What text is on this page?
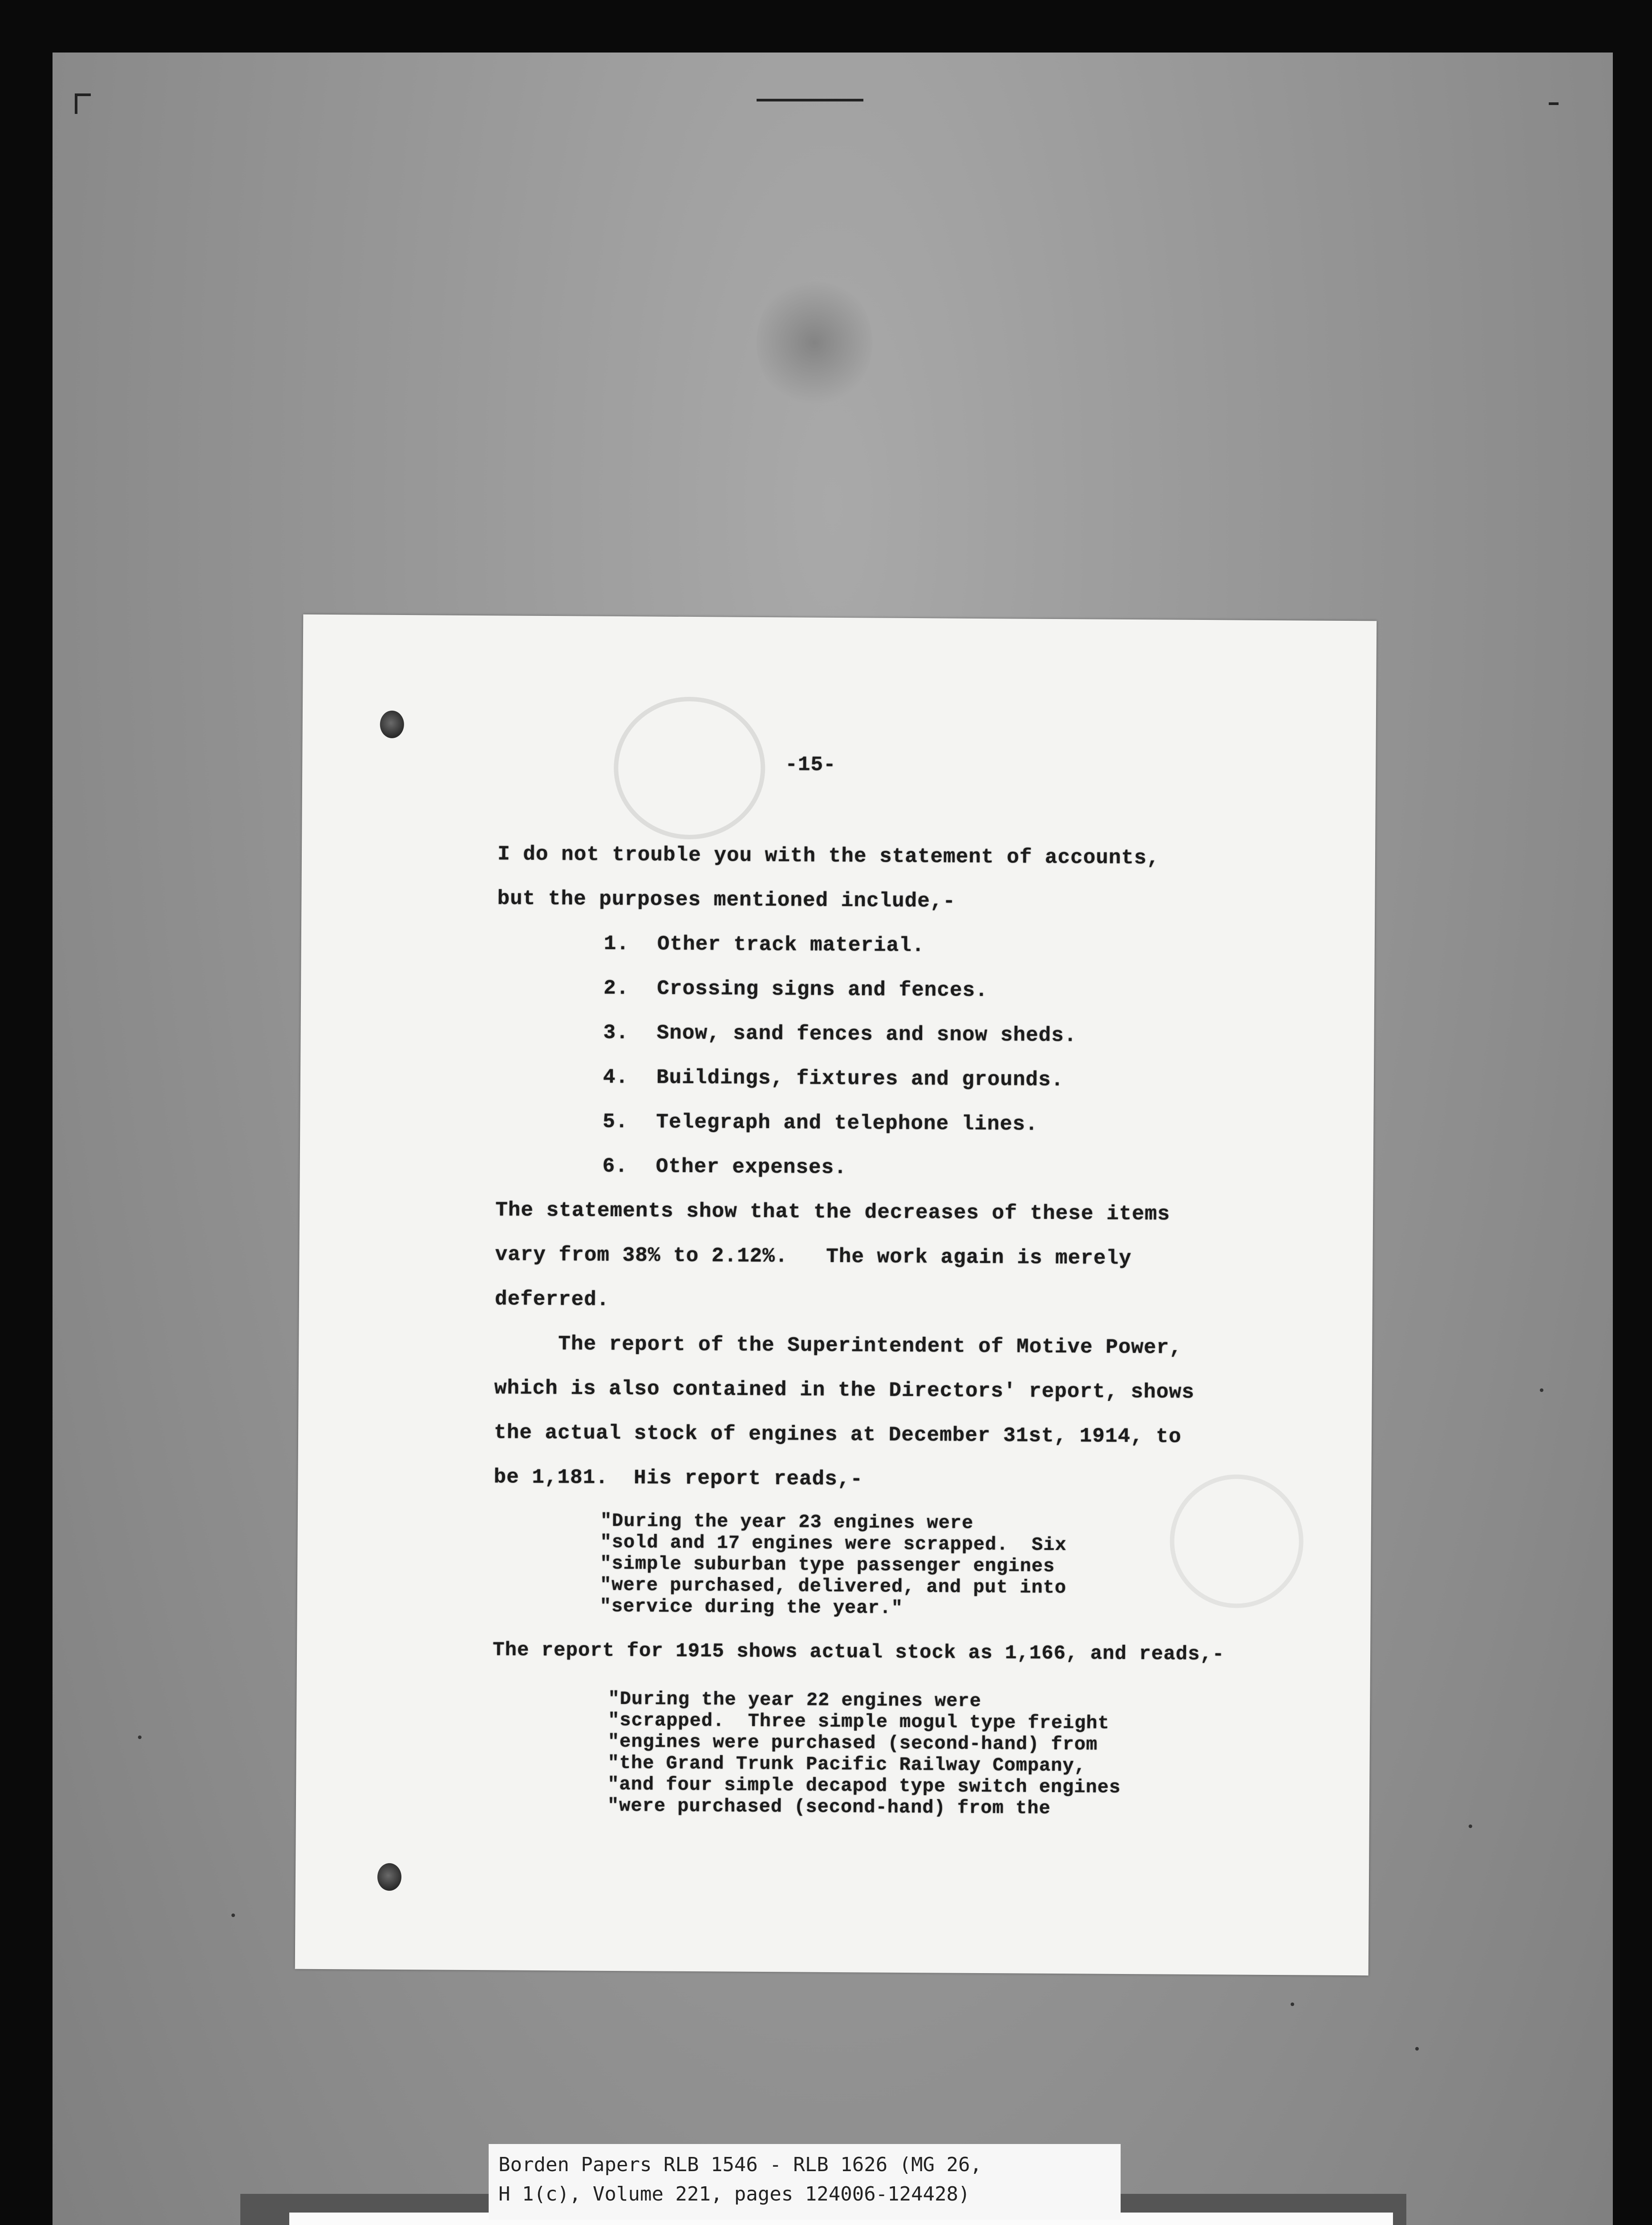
-15-
I do not trouble you with the statement of accounts,
but the purposes mentioned include,-
1. Other track material.
2. Crossing signs and fences.
3. Snow, sand fences and snow sheds.
4. Buildings, fixtures and grounds.
5. Telegraph and telephone lines.
6. Other expenses.
The statements show that the decreases of these items
vary from 38% to 2.12%.   The work again is merely
deferred.
The report of the Superintendent of Motive Power,
which is also contained in the Directors' report, shows
the actual stock of engines at December 31st, 1914, to
be 1,181.  His report reads,-
"During the year 23 engines were
"sold and 17 engines were scrapped.  Six
"simple suburban type passenger engines
"were purchased, delivered, and put into
"service during the year."
The report for 1915 shows actual stock as 1,166, and reads,-
"During the year 22 engines were
"scrapped.  Three simple mogul type freight
"engines were purchased (second-hand) from
"the Grand Trunk Pacific Railway Company,
"and four simple decapod type switch engines
"were purchased (second-hand) from the
Borden Papers RLB 1546 - RLB 1626 (MG 26,
H 1(c), Volume 221, pages 124006-124428)
